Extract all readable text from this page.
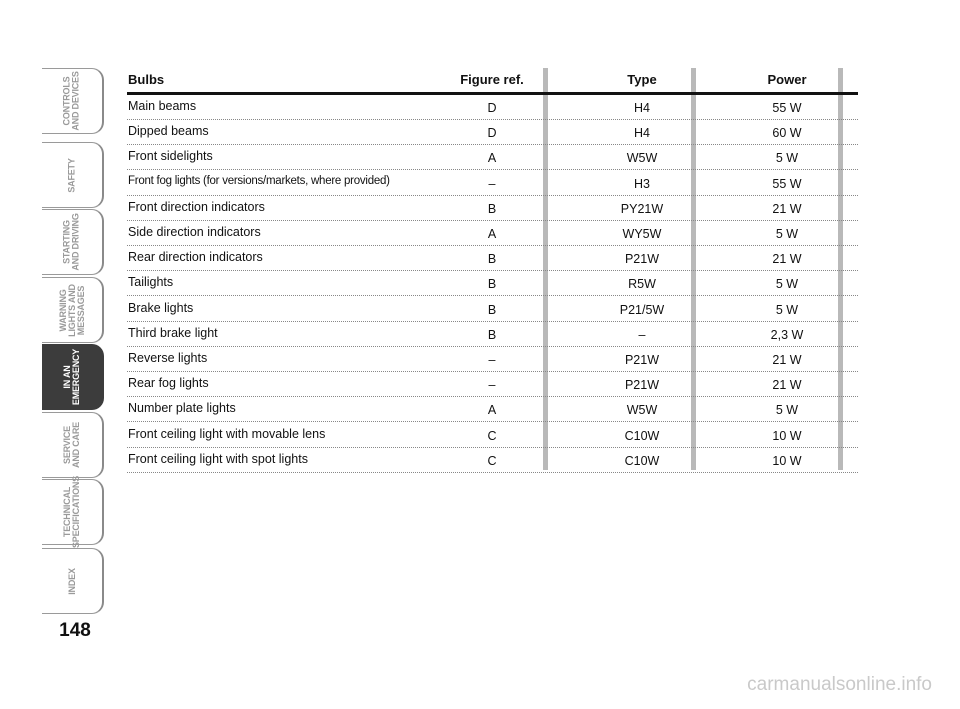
CONTROLS
AND DEVICES
SAFETY
STARTING
AND DRIVING
WARNING
LIGHTS AND
MESSAGES
IN AN
EMERGENCY
SERVICE
AND CARE
TECHNICAL
SPECIFICATIONS
INDEX
148
Bulbs	Figure ref.	Type	Power
Main beams	D	H4	55 W
Dipped beams	D	H4	60 W
Front sidelights	A	W5W	5 W
Front fog lights (for versions/markets, where provided)	–	H3	55 W
Front direction indicators	B	PY21W	21 W
Side direction indicators	A	WY5W	5 W
Rear direction indicators	B	P21W	21 W
Tailights	B	R5W	5 W
Brake lights	B	P21/5W	5 W
Third brake light	B	–	2,3 W
Reverse lights	–	P21W	21 W
Rear fog lights	–	P21W	21 W
Number plate lights	A	W5W	5 W
Front ceiling light with movable lens	C	C10W	10 W
Front ceiling light with spot lights	C	C10W	10 W
carmanualsonline.info
